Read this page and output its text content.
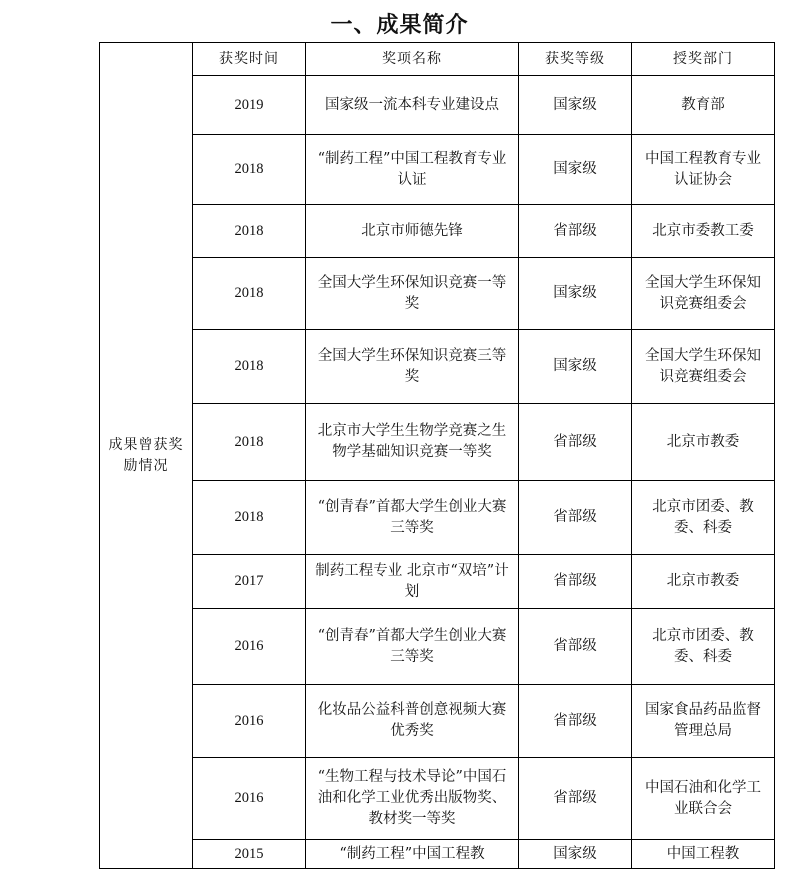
一、成果简介
成果曾获奖励情况	获奖时间	奖项名称	获奖等级	授奖部门
	2019	国家级一流本科专业建设点	国家级	教育部
	2018	“制药工程”中国工程教育专业认证	国家级	中国工程教育专业认证协会
	2018	北京市师德先锋	省部级	北京市委教工委
	2018	全国大学生环保知识竞赛一等奖	国家级	全国大学生环保知识竞赛组委会
	2018	全国大学生环保知识竞赛三等奖	国家级	全国大学生环保知识竞赛组委会
	2018	北京市大学生生物学竞赛之生物学基础知识竞赛一等奖	省部级	北京市教委
	2018	“创青春”首都大学生创业大赛 三等奖	省部级	北京市团委、教委、科委
	2017	制药工程专业 北京市“双培”计划	省部级	北京市教委
	2016	“创青春”首都大学生创业大赛 三等奖	省部级	北京市团委、教委、科委
	2016	化妆品公益科普创意视频大赛 优秀奖	省部级	国家食品药品监督管理总局
	2016	“生物工程与技术导论”中国石油和化学工业优秀出版物奖、教材奖一等奖	省部级	中国石油和化学工业联合会
	2015	“制药工程”中国工程教	国家级	中国工程教
